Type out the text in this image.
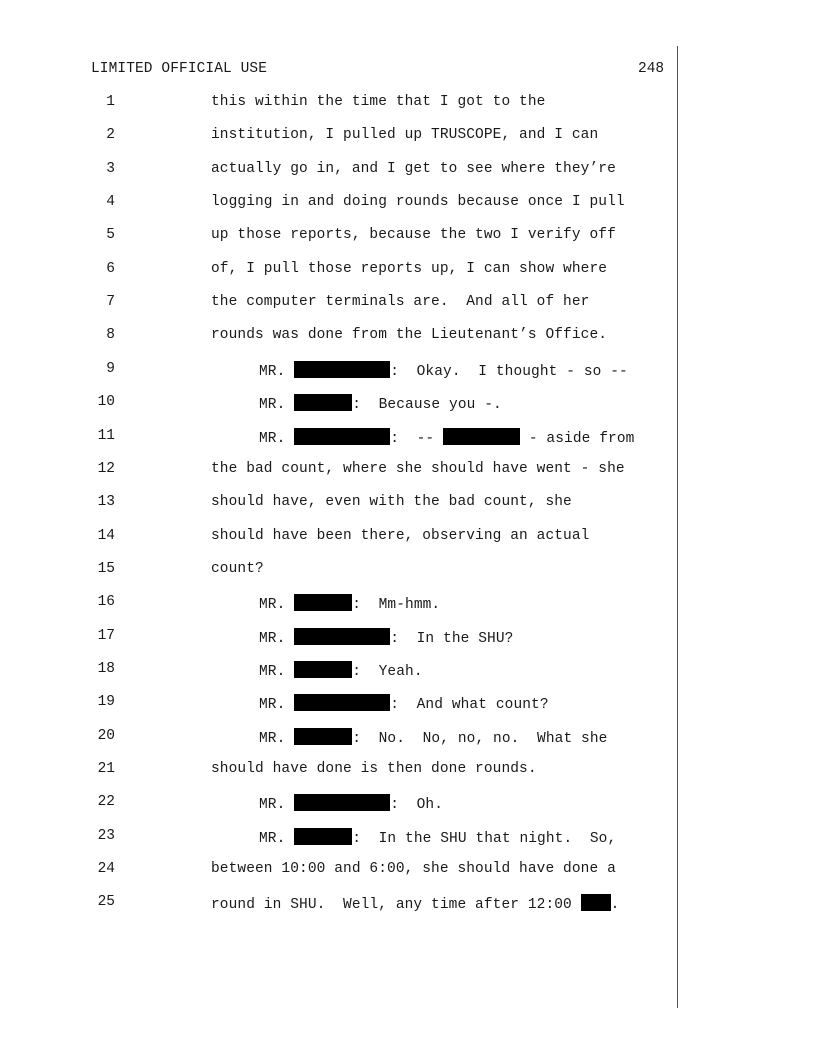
LIMITED OFFICIAL USE	248
1	this within the time that I got to the
2	institution, I pulled up TRUSCOPE, and I can
3	actually go in, and I get to see where they’re
4	logging in and doing rounds because once I pull
5	up those reports, because the two I verify off
6	of, I pull those reports up, I can show where
7	the computer terminals are.  And all of her
8	rounds was done from the Lieutenant’s Office.
9	MR.	:  Okay.  I thought - so --
10	MR.	:  Because you -.
11	MR.	:  --	- aside from
12	the bad count, where she should have went - she
13	should have, even with the bad count, she
14	should have been there, observing an actual
15	count?
16	MR.	:  Mm-hmm.
17	MR.	:  In the SHU?
18	MR.	:  Yeah.
19	MR.	:  And what count?
20	MR.	:  No.  No, no, no.  What she
21	should have done is then done rounds.
22	MR.	:  Oh.
23	MR.	:  In the SHU that night.  So,
24	between 10:00 and 6:00, she should have done a
25	round in SHU.  Well, any time after 12:00 .
